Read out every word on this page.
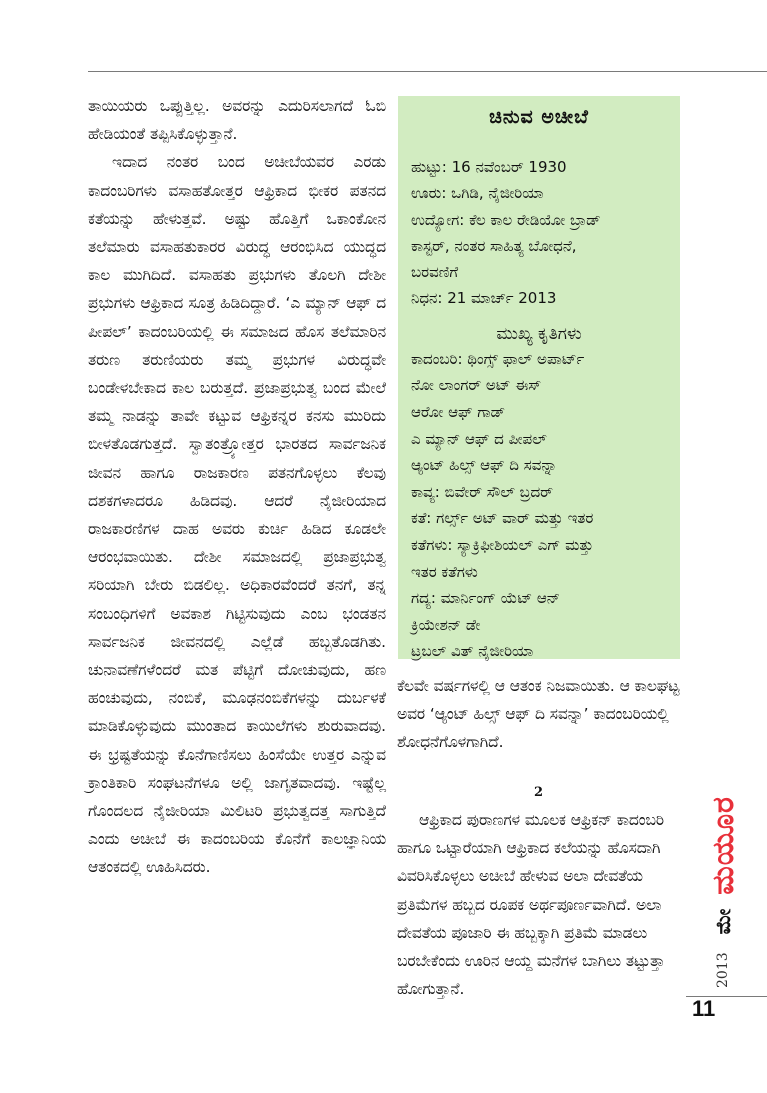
ತಾಯಿಯರು ಒಪ್ಪುತ್ತಿಲ್ಲ. ಅವರನ್ನು ಎದುರಿಸಲಾಗದೆ ಓಬಿ ಹೇಡಿಯಂತೆ ತಪ್ಪಿಸಿಕೊಳ್ಳುತ್ತಾನೆ.

ಇದಾದ ನಂತರ ಬಂದ ಅಚೀಬೆಯವರ ಎರಡು ಕಾದಂಬರಿಗಳು ವಸಾಹತೋತ್ತರ ಆಫ್ರಿಕಾದ ಭೀಕರ ಪತನದ ಕತೆಯನ್ನು ಹೇಳುತ್ತವೆ. ಅಷ್ಟು ಹೊತ್ತಿಗೆ ಒಕಾಂಕೋನ ತಲೆಮಾರು ವಸಾಹತುಕಾರರ ವಿರುದ್ಧ ಆರಂಭಿಸಿದ ಯುದ್ಧದ ಕಾಲ ಮುಗಿದಿದೆ. ವಸಾಹತು ಪ್ರಭುಗಳು ತೊಲಗಿ ದೇಶೀ ಪ್ರಭುಗಳು ಆಫ್ರಿಕಾದ ಸೂತ್ರ ಹಿಡಿದಿದ್ದಾರೆ. ‘ಎ ಮ್ಯಾನ್ ಆಫ್ ದ ಪೀಪಲ್’ ಕಾದಂಬರಿಯಲ್ಲಿ ಈ ಸಮಾಜದ ಹೊಸ ತಲೆಮಾರಿನ ತರುಣ ತರುಣಿಯರು ತಮ್ಮ ಪ್ರಭುಗಳ ವಿರುದ್ಧವೇ ಬಂಡೇಳಬೇಕಾದ ಕಾಲ ಬರುತ್ತದೆ. ಪ್ರಜಾಪ್ರಭುತ್ವ ಬಂದ ಮೇಲೆ ತಮ್ಮ ನಾಡನ್ನು ತಾವೇ ಕಟ್ಟುವ ಆಫ್ರಿಕನ್ನರ ಕನಸು ಮುರಿದು ಬೀಳತೊಡಗುತ್ತದೆ. ಸ್ವಾತಂತ್ರ್ಯೋತ್ತರ ಭಾರತದ ಸಾರ್ವಜನಿಕ ಜೀವನ ಹಾಗೂ ರಾಜಕಾರಣ ಪತನಗೊಳ್ಳಲು ಕೆಲವು ದಶಕಗಳಾದರೂ ಹಿಡಿದವು. ಆದರೆ ನೈಜೀರಿಯಾದ ರಾಜಕಾರಣಿಗಳ ದಾಹ ಅವರು ಕುರ್ಚಿ ಹಿಡಿದ ಕೂಡಲೇ ಆರಂಭವಾಯಿತು. ದೇಶೀ ಸಮಾಜದಲ್ಲಿ ಪ್ರಜಾಪ್ರಭುತ್ವ ಸರಿಯಾಗಿ ಬೇರು ಬಿಡಲಿಲ್ಲ. ಅಧಿಕಾರವೆಂದರೆ ತನಗೆ, ತನ್ನ ಸಂಬಂಧಿಗಳಿಗೆ ಅವಕಾಶ ಗಿಟ್ಟಿಸುವುದು ಎಂಬ ಭಂಡತನ ಸಾರ್ವಜನಿಕ ಜೀವನದಲ್ಲಿ ಎಲ್ಲೆಡೆ ಹಬ್ಬತೊಡಗಿತು. ಚುನಾವಣೆಗಳೆಂದರೆ ಮತ ಪೆಟ್ಟಿಗೆ ದೋಚುವುದು, ಹಣ ಹಂಚುವುದು, ನಂಬಿಕೆ, ಮೂಢನಂಬಿಕೆಗಳನ್ನು ದುರ್ಬಳಕೆ ಮಾಡಿಕೊಳ್ಳುವುದು ಮುಂತಾದ ಕಾಯಿಲೆಗಳು ಶುರುವಾದವು. ಈ ಭ್ರಷ್ಟತೆಯನ್ನು ಕೊನೆಗಾಣಿಸಲು ಹಿಂಸೆಯೇ ಉತ್ತರ ಎನ್ನುವ ಕ್ರಾಂತಿಕಾರಿ ಸಂಘಟನೆಗಳೂ ಅಲ್ಲಿ ಜಾಗೃತವಾದವು. ಇಷ್ಟೆಲ್ಲ ಗೊಂದಲದ ನೈಜೀರಿಯಾ ಮಿಲಿಟರಿ ಪ್ರಭುತ್ವದತ್ತ ಸಾಗುತ್ತಿದೆ ಎಂದು ಅಚೀಬೆ ಈ ಕಾದಂಬರಿಯ ಕೊನೆಗೆ ಕಾಲಜ್ಞಾನಿಯ ಆತಂಕದಲ್ಲಿ ಊಹಿಸಿದರು.

ಚಿನುವ ಅಚೀಬೆ
ಹುಟ್ಟು: 16 ನವೆಂಬರ್ 1930
ಊರು: ಒಗಿಡಿ, ನೈಜೀರಿಯಾ
ಉದ್ಯೋಗ: ಕೆಲ ಕಾಲ ರೇಡಿಯೋ ಬ್ರಾಡ್
ಕಾಸ್ಟರ್, ನಂತರ ಸಾಹಿತ್ಯ ಬೋಧನೆ,
ಬರವಣಿಗೆ
ನಿಧನ: 21 ಮಾರ್ಚ್ 2013
ಮುಖ್ಯ ಕೃತಿಗಳು
ಕಾದಂಬರಿ: ಥಿಂಗ್ಸ್ ಫಾಲ್ ಅಪಾರ್ಟ್
ನೋ ಲಾಂಗರ್ ಅಟ್ ಈಸ್
ಆರೋ ಆಫ್ ಗಾಡ್
ಎ ಮ್ಯಾನ್ ಆಫ್ ದ ಪೀಪಲ್
ಆ್ಯಂಟ್ ಹಿಲ್ಸ್ ಆಫ್ ದಿ ಸವನ್ನಾ
ಕಾವ್ಯ: ಬಿವೇರ್ ಸೌಲ್ ಬ್ರದರ್
ಕತೆ: ಗರ್ಲ್ಸ್ ಅಟ್ ವಾರ್ ಮತ್ತು ಇತರ
ಕತೆಗಳು: ಸ್ಯಾಕ್ರಿಫೀಶಿಯಲ್ ಎಗ್ ಮತ್ತು
ಇತರ ಕತೆಗಳು
ಗದ್ಯ: ಮಾರ್ನಿಂಗ್ ಯೆಟ್ ಆನ್
ಕ್ರಿಯೇಶನ್ ಡೇ
ಟ್ರಬಲ್ ವಿತ್ ನೈಜೀರಿಯಾ

ಕೆಲವೇ ವರ್ಷಗಳಲ್ಲಿ ಆ ಆತಂಕ ನಿಜವಾಯಿತು. ಆ ಕಾಲಘಟ್ಟ ಅವರ ‘ಆ್ಯಂಟ್ ಹಿಲ್ಸ್ ಆಫ್ ದಿ ಸವನ್ನಾ’ ಕಾದಂಬರಿಯಲ್ಲಿ ಶೋಧನೆಗೊಳಗಾಗಿದೆ.

2

ಆಫ್ರಿಕಾದ ಪುರಾಣಗಳ ಮೂಲಕ ಆಫ್ರಿಕನ್ ಕಾದಂಬರಿ ಹಾಗೂ ಒಟ್ಟಾರೆಯಾಗಿ ಆಫ್ರಿಕಾದ ಕಲೆಯನ್ನು ಹೊಸದಾಗಿ ವಿವರಿಸಿಕೊಳ್ಳಲು ಅಚೀಬೆ ಹೇಳುವ ಅಲಾ ದೇವತೆಯ ಪ್ರತಿಮೆಗಳ ಹಬ್ಬದ ರೂಪಕ ಅರ್ಥಪೂರ್ಣವಾಗಿದೆ. ಅಲಾ ದೇವತೆಯ ಪೂಜಾರಿ ಈ ಹಬ್ಬಕ್ಕಾಗಿ ಪ್ರತಿಮೆ ಮಾಡಲು ಬರಬೇಕೆಂದು ಊರಿನ ಆಯ್ದ ಮನೆಗಳ ಬಾಗಿಲು ತಟ್ಟುತ್ತಾ ಹೋಗುತ್ತಾನೆ.

2013
ಮೇ
ಮಯೂರ
11
